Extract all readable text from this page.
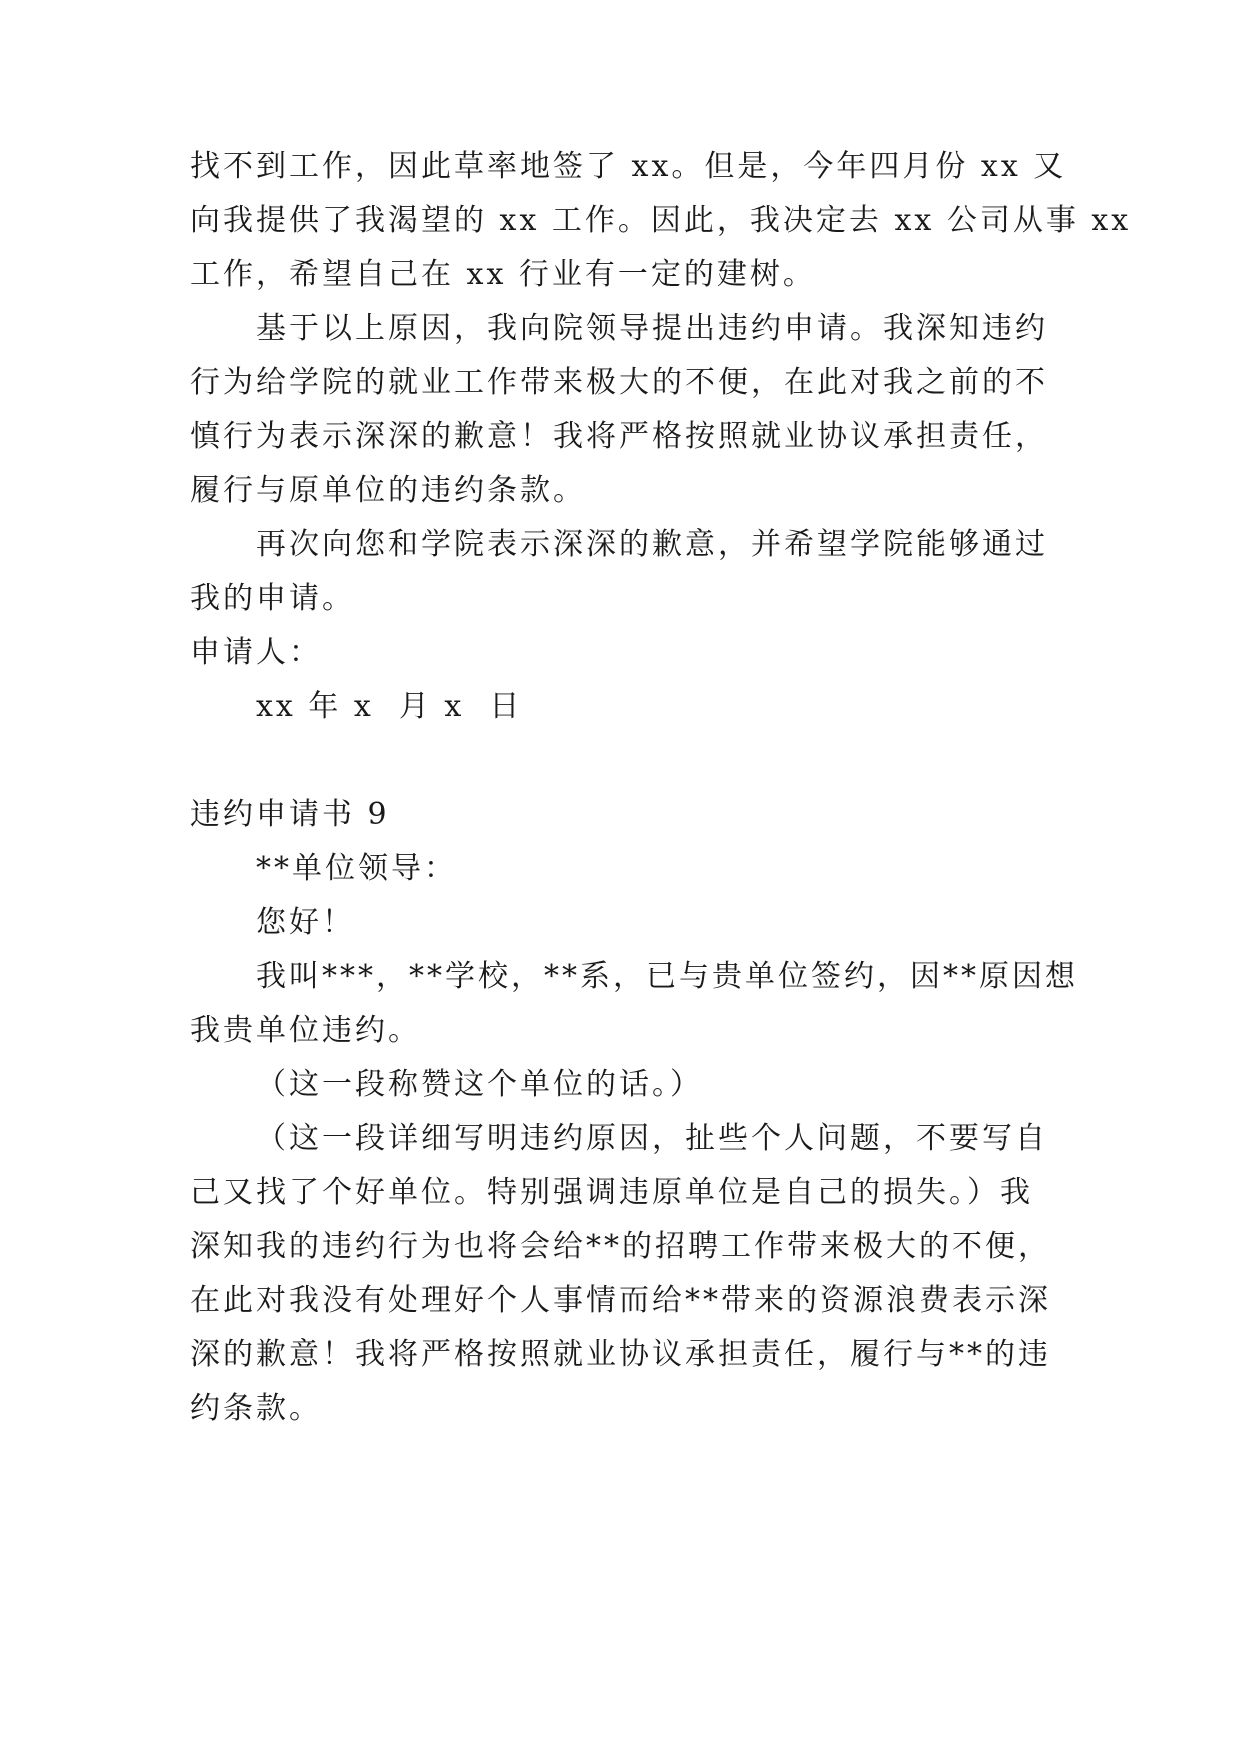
找不到工作，因此草率地签了 xx。但是，今年四月份 xx 又
向我提供了我渴望的 xx 工作。因此，我决定去 xx 公司从事 xx
工作，希望自己在 xx 行业有一定的建树。
基于以上原因，我向院领导提出违约申请。我深知违约
行为给学院的就业工作带来极大的不便，在此对我之前的不
慎行为表示深深的歉意！我将严格按照就业协议承担责任，
履行与原单位的违约条款。
再次向您和学院表示深深的歉意，并希望学院能够通过
我的申请。
申请人：
xx 年 x  月 x  日
违约申请书 9
**单位领导：
您好！
我叫***，**学校，**系，已与贵单位签约，因**原因想
我贵单位违约。
（这一段称赞这个单位的话。）
（这一段详细写明违约原因，扯些个人问题，不要写自
己又找了个好单位。特别强调违原单位是自己的损失。）我
深知我的违约行为也将会给**的招聘工作带来极大的不便，
在此对我没有处理好个人事情而给**带来的资源浪费表示深
深的歉意！我将严格按照就业协议承担责任，履行与**的违
约条款。
